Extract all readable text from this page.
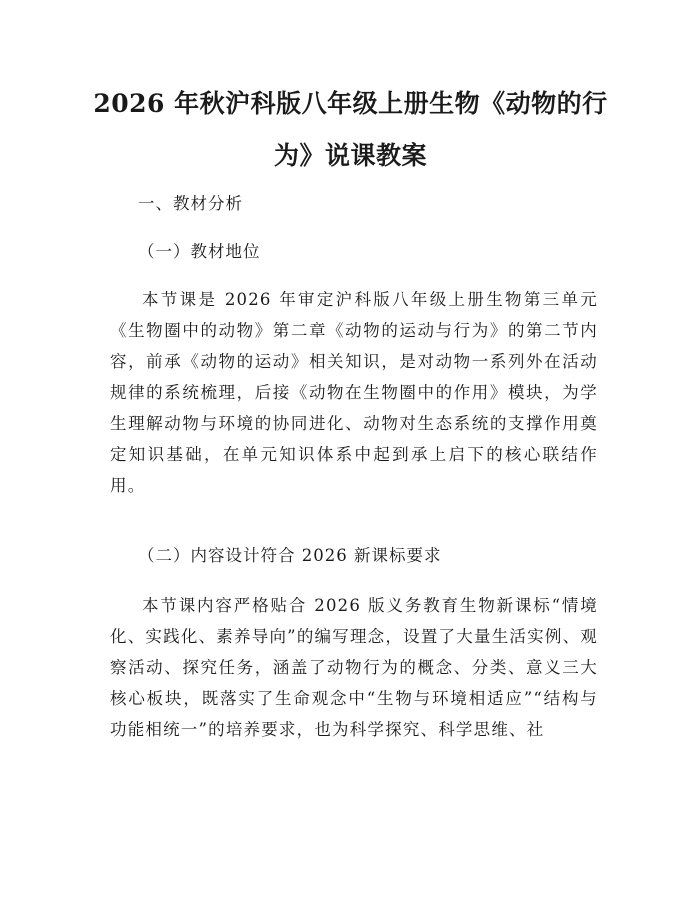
2026 年秋沪科版八年级上册生物《动物的行为》说课教案
一、教材分析
（一）教材地位
本节课是 2026 年审定沪科版八年级上册生物第三单元《生物圈中的动物》第二章《动物的运动与行为》的第二节内容，前承《动物的运动》相关知识，是对动物一系列外在活动规律的系统梳理，后接《动物在生物圈中的作用》模块，为学生理解动物与环境的协同进化、动物对生态系统的支撑作用奠定知识基础，在单元知识体系中起到承上启下的核心联结作用。
（二）内容设计符合 2026 新课标要求
本节课内容严格贴合 2026 版义务教育生物新课标“情境化、实践化、素养导向”的编写理念，设置了大量生活实例、观察活动、探究任务，涵盖了动物行为的概念、分类、意义三大核心板块，既落实了生命观念中“生物与环境相适应”“结构与功能相统一”的培养要求，也为科学探究、科学思维、社
